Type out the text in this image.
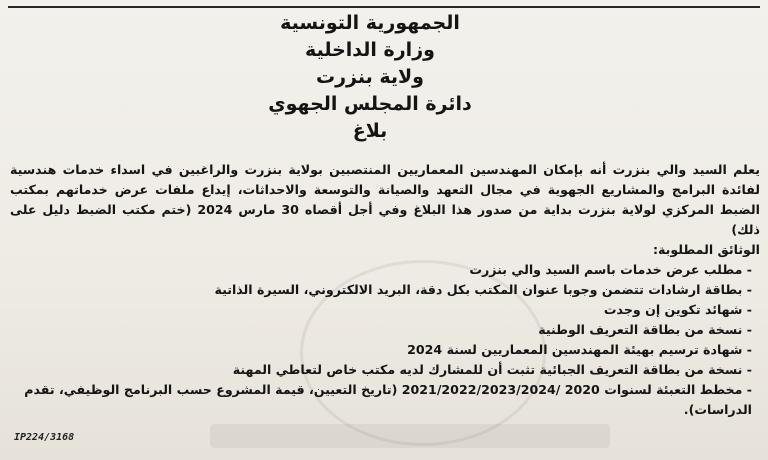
الجمهورية التونسية

وزارة الداخلية

ولاية بنزرت

دائرة المجلس الجهوي

بلاغ

يعلم السيد والي بنزرت أنه بإمكان المهندسين المعماريين المنتصبين بولاية بنزرت والراغبين في اسداء خدمات هندسية لفائدة البرامج والمشاريع الجهوية في مجال التعهد والصيانة والتوسعة والاحداثات، إيداع ملفات عرض خدماتهم بمكتب الضبط المركزي لولاية بنزرت بداية من صدور هذا البلاغ وفي أجل أقصاه 30 مارس 2024 (ختم مكتب الضبط دليل على ذلك)

الوثائق المطلوبة:

- مطلب عرض خدمات باسم السيد والي بنزرت
- بطاقة ارشادات تتضمن وجوبا عنوان المكتب بكل دقة، البريد الالكتروني، السيرة الذاتية
- شهائد تكوين إن وجدت
- نسخة من بطاقة التعريف الوطنية
- شهادة ترسيم بهيئة المهندسين المعماريين لسنة 2024
- نسخة من بطاقة التعريف الجبائية تثبت أن للمشارك لديه مكتب خاص لتعاطي المهنة
- مخطط التعبئة لسنوات 2020 /2021/2022/2023/2024 (تاريخ التعيين، قيمة المشروع حسب البرنامج الوظيفي، تقدم الدراسات).
IP224/3168
